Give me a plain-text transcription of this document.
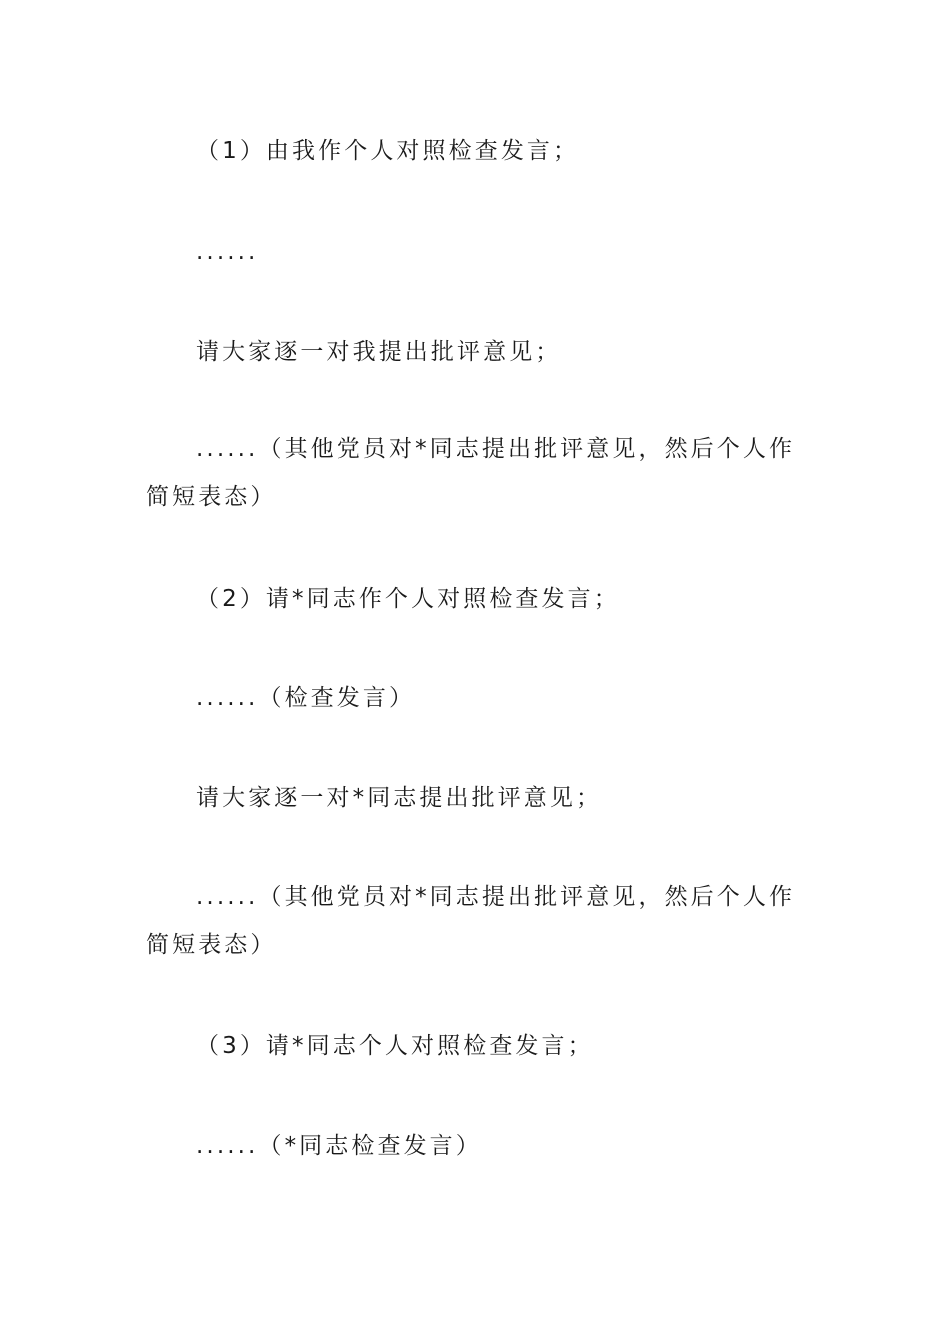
（1）由我作个人对照检查发言；

......

请大家逐一对我提出批评意见；

......（其他党员对*同志提出批评意见，然后个人作简短表态）

（2）请*同志作个人对照检查发言；

......（检查发言）

请大家逐一对*同志提出批评意见；

......（其他党员对*同志提出批评意见，然后个人作简短表态）

（3）请*同志个人对照检查发言；

......（*同志检查发言）
